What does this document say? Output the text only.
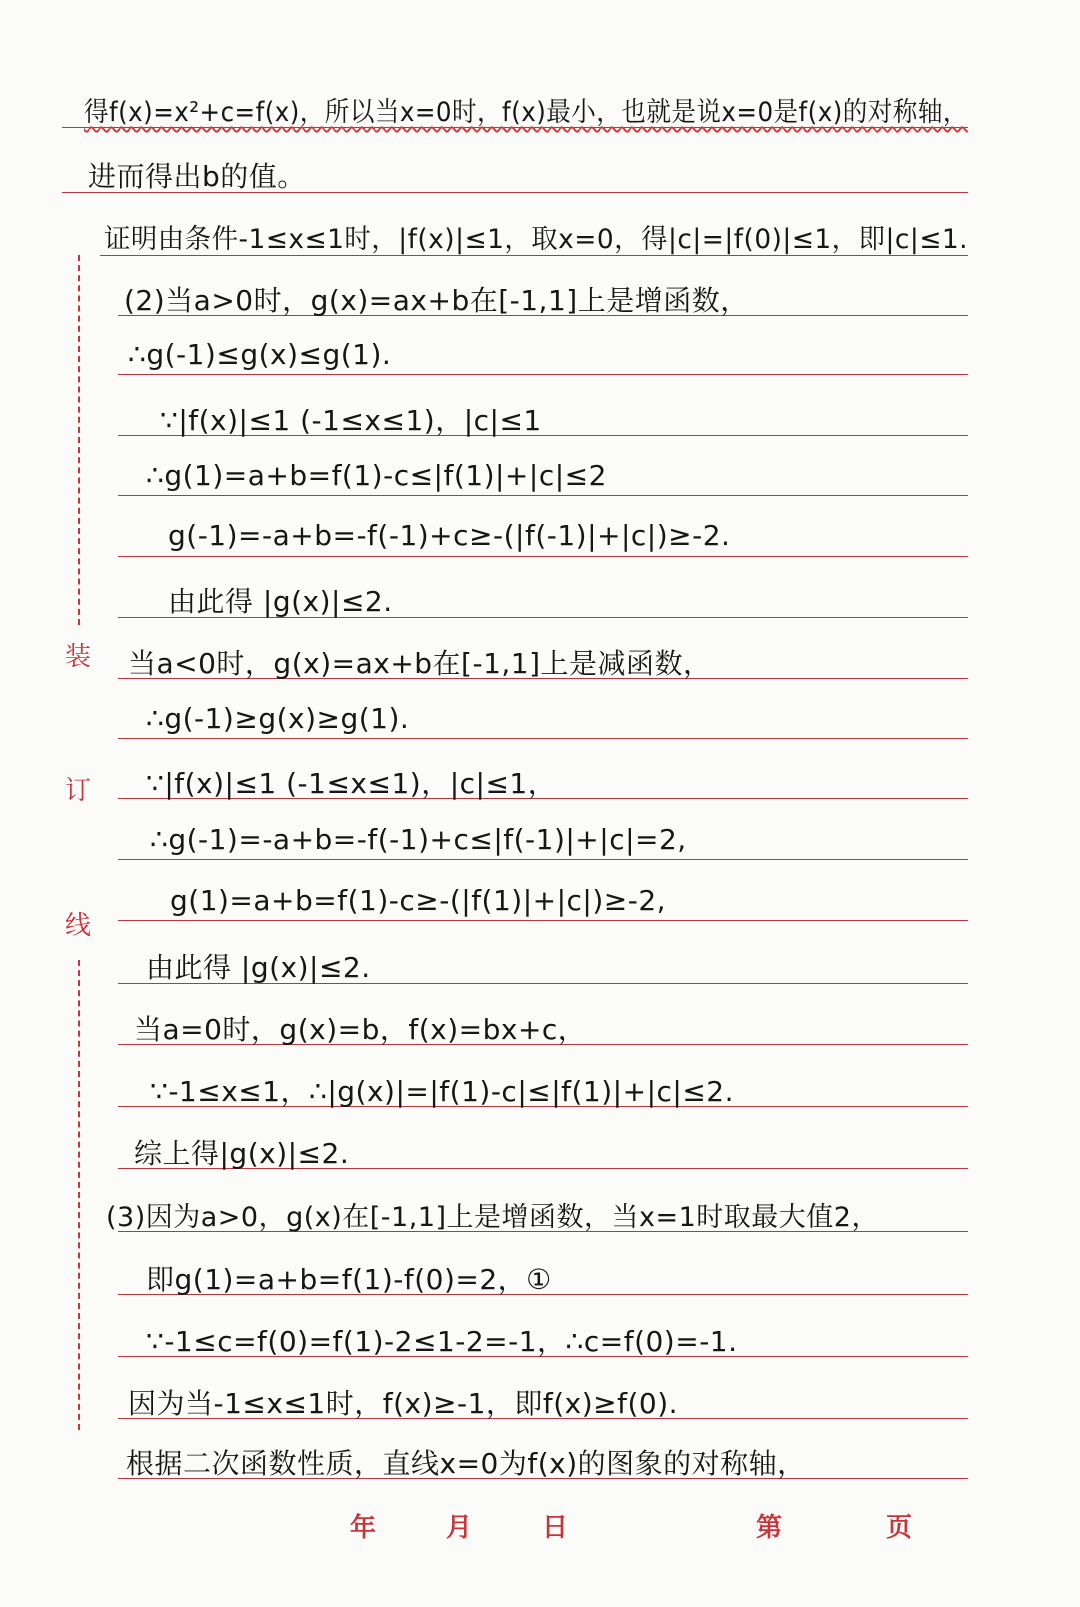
装
订
线
得f(x)=x²+c=f(x)，所以当x=0时，f(x)最小，也就是说x=0是f(x)的对称轴，
进而得出b的值。
证明由条件-1≤x≤1时，|f(x)|≤1，取x=0，得|c|=|f(0)|≤1，即|c|≤1.
(2)当a>0时，g(x)=ax+b在[-1,1]上是增函数，
∴g(-1)≤g(x)≤g(1).
∵|f(x)|≤1 (-1≤x≤1)，|c|≤1
∴g(1)=a+b=f(1)-c≤|f(1)|+|c|≤2
g(-1)=-a+b=-f(-1)+c≥-(|f(-1)|+|c|)≥-2.
由此得 |g(x)|≤2.
当a<0时，g(x)=ax+b在[-1,1]上是减函数，
∴g(-1)≥g(x)≥g(1).
∵|f(x)|≤1 (-1≤x≤1)，|c|≤1，
∴g(-1)=-a+b=-f(-1)+c≤|f(-1)|+|c|=2,
g(1)=a+b=f(1)-c≥-(|f(1)|+|c|)≥-2,
由此得 |g(x)|≤2.
当a=0时，g(x)=b，f(x)=bx+c，
∵-1≤x≤1，∴|g(x)|=|f(1)-c|≤|f(1)|+|c|≤2.
综上得|g(x)|≤2.
(3)因为a>0，g(x)在[-1,1]上是增函数，当x=1时取最大值2，
即g(1)=a+b=f(1)-f(0)=2，①
∵-1≤c=f(0)=f(1)-2≤1-2=-1，∴c=f(0)=-1.
因为当-1≤x≤1时，f(x)≥-1，即f(x)≥f(0).
根据二次函数性质，直线x=0为f(x)的图象的对称轴，
年	月	日	第	页
